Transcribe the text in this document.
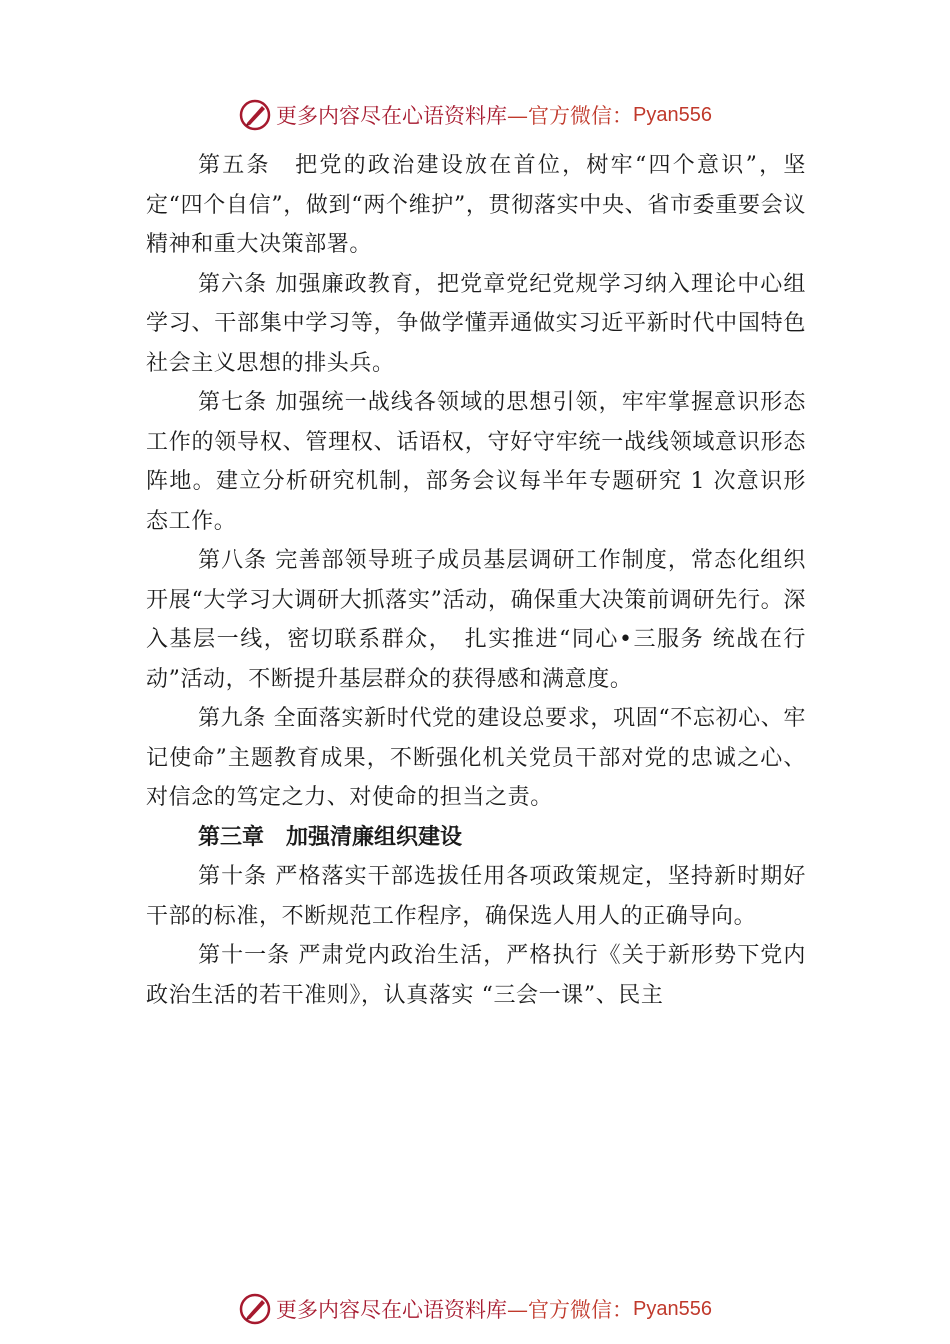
更多内容尽在心语资料库 —官方微信： Pyan556

第五条　把党的政治建设放在首位，树牢“四个意识”，坚定“四个自信”，做到“两个维护”，贯彻落实中央、省市委重要会议精神和重大决策部署。

第六条 加强廉政教育，把党章党纪党规学习纳入理论中心组学习、干部集中学习等，争做学懂弄通做实习近平新时代中国特色社会主义思想的排头兵。

第七条 加强统一战线各领域的思想引领，牢牢掌握意识形态工作的领导权、管理权、话语权，守好守牢统一战线领域意识形态阵地。建立分析研究机制，部务会议每半年专题研究 1 次意识形态工作。

第八条 完善部领导班子成员基层调研工作制度，常态化组织开展“大学习大调研大抓落实”活动，确保重大决策前调研先行。深入基层一线，密切联系群众，　扎实推进“同心•三服务 统战在行动”活动，不断提升基层群众的获得感和满意度。

第九条 全面落实新时代党的建设总要求，巩固“不忘初心、牢记使命”主题教育成果，不断强化机关党员干部对党的忠诚之心、对信念的笃定之力、对使命的担当之责。

第三章　加强清廉组织建设

第十条 严格落实干部选拔任用各项政策规定，坚持新时期好干部的标准，不断规范工作程序，确保选人用人的正确导向。

第十一条 严肃党内政治生活，严格执行《关于新形势下党内政治生活的若干准则》，认真落实 “三会一课”、民主

更多内容尽在心语资料库 —官方微信： Pyan556
